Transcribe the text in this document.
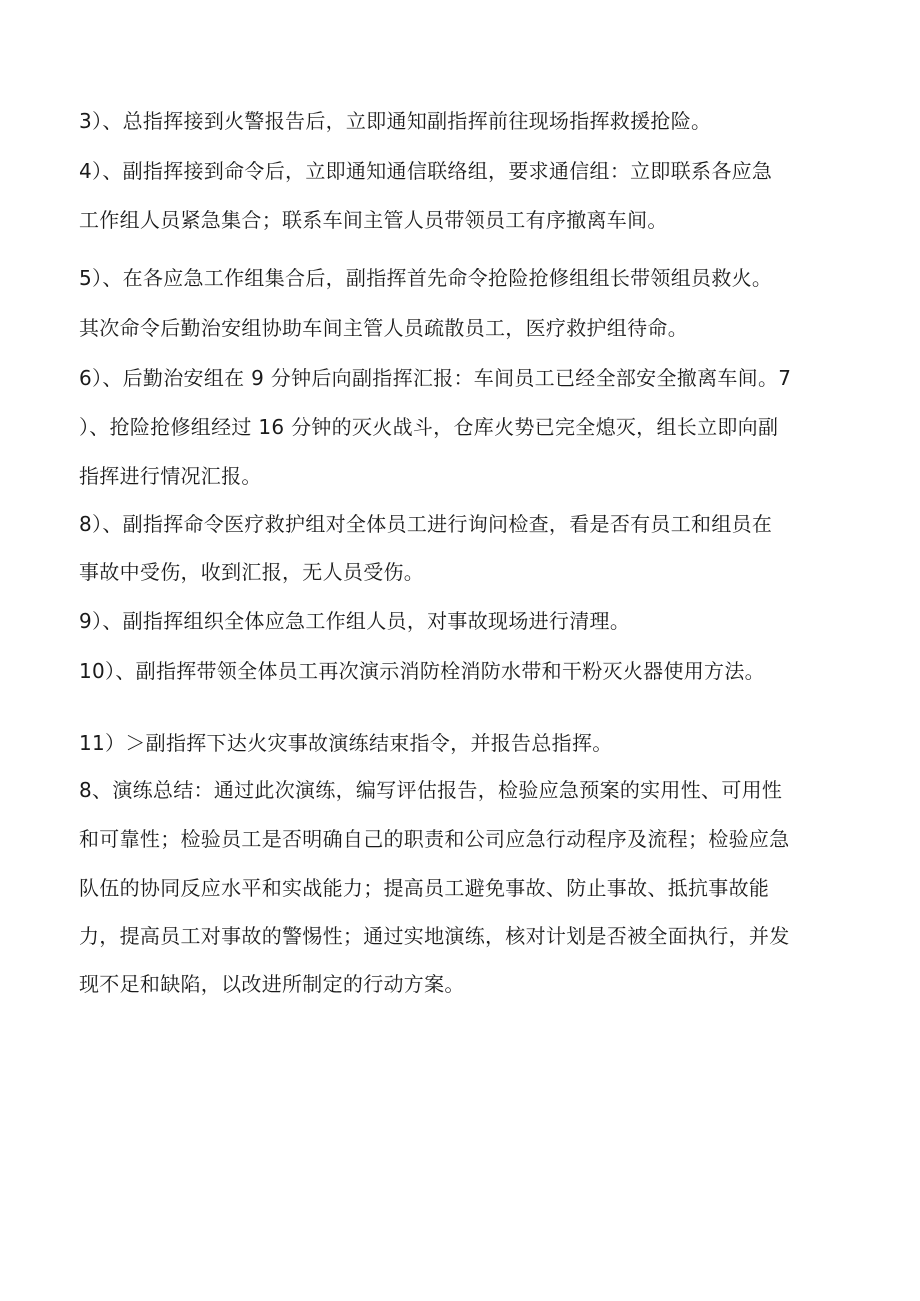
3）、总指挥接到火警报告后，立即通知副指挥前往现场指挥救援抢险。

4）、副指挥接到命令后，立即通知通信联络组，要求通信组：立即联系各应急

工作组人员紧急集合；联系车间主管人员带领员工有序撤离车间。

5）、在各应急工作组集合后，副指挥首先命令抢险抢修组组长带领组员救火。

其次命令后勤治安组协助车间主管人员疏散员工，医疗救护组待命。

6）、后勤治安组在 9 分钟后向副指挥汇报：车间员工已经全部安全撤离车间。7

）、抢险抢修组经过 16 分钟的灭火战斗，仓库火势已完全熄灭，组长立即向副

指挥进行情况汇报。

8）、副指挥命令医疗救护组对全体员工进行询问检查，看是否有员工和组员在

事故中受伤，收到汇报，无人员受伤。

9）、副指挥组织全体应急工作组人员，对事故现场进行清理。

10）、副指挥带领全体员工再次演示消防栓消防水带和干粉灭火器使用方法。

11）＞副指挥下达火灾事故演练结束指令，并报告总指挥。

8、演练总结：通过此次演练，编写评估报告，检验应急预案的实用性、可用性

和可靠性；检验员工是否明确自己的职责和公司应急行动程序及流程；检验应急

队伍的协同反应水平和实战能力；提高员工避免事故、防止事故、抵抗事故能

力，提高员工对事故的警惕性；通过实地演练，核对计划是否被全面执行，并发

现不足和缺陷，以改进所制定的行动方案。
